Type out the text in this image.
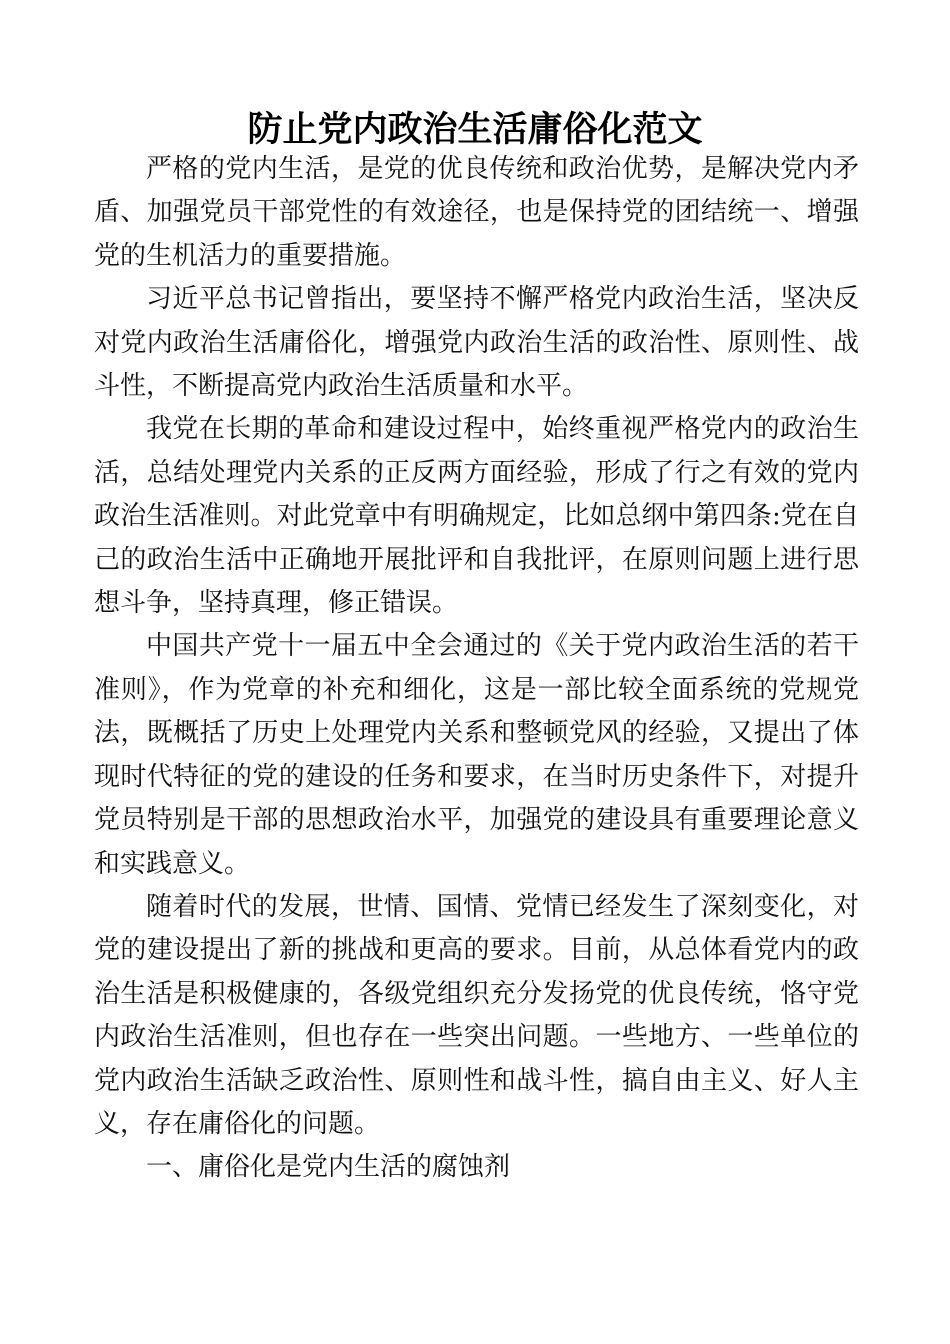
防止党内政治生活庸俗化范文

严格的党内生活，是党的优良传统和政治优势，是解决党内矛盾、加强党员干部党性的有效途径，也是保持党的团结统一、增强党的生机活力的重要措施。

习近平总书记曾指出，要坚持不懈严格党内政治生活，坚决反对党内政治生活庸俗化，增强党内政治生活的政治性、原则性、战斗性，不断提高党内政治生活质量和水平。

我党在长期的革命和建设过程中，始终重视严格党内的政治生活，总结处理党内关系的正反两方面经验，形成了行之有效的党内政治生活准则。对此党章中有明确规定，比如总纲中第四条:党在自己的政治生活中正确地开展批评和自我批评，在原则问题上进行思想斗争，坚持真理，修正错误。

中国共产党十一届五中全会通过的《关于党内政治生活的若干准则》，作为党章的补充和细化，这是一部比较全面系统的党规党法，既概括了历史上处理党内关系和整顿党风的经验，又提出了体现时代特征的党的建设的任务和要求，在当时历史条件下，对提升党员特别是干部的思想政治水平，加强党的建设具有重要理论意义和实践意义。

随着时代的发展，世情、国情、党情已经发生了深刻变化，对党的建设提出了新的挑战和更高的要求。目前，从总体看党内的政治生活是积极健康的，各级党组织充分发扬党的优良传统，恪守党内政治生活准则，但也存在一些突出问题。一些地方、一些单位的党内政治生活缺乏政治性、原则性和战斗性，搞自由主义、好人主义，存在庸俗化的问题。

一、庸俗化是党内生活的腐蚀剂
